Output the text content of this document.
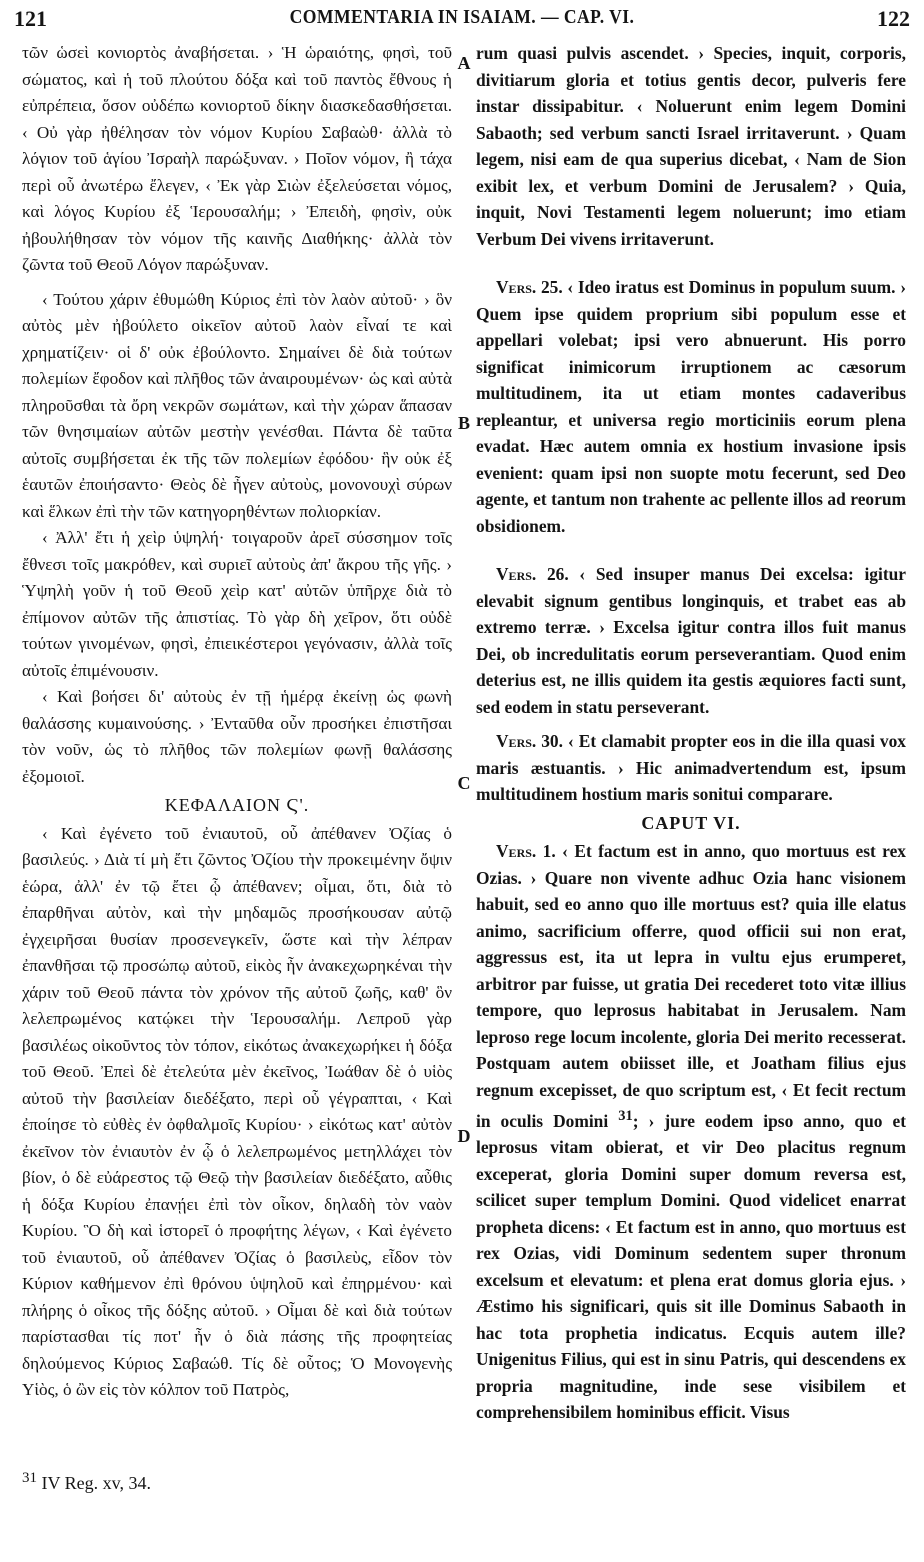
121	COMMENTARIA IN ISAIAM. — CAP. VI.	122

τῶν ὡσεὶ κονιορτὸς ἀναβήσεται. › Ἡ ὡραιότης, φησὶ, τοῦ σώματος, καὶ ἡ τοῦ πλούτου δόξα καὶ τοῦ παντὸς ἔθνους ἡ εὐπρέπεια, ὅσον οὐδέπω κονιορτοῦ δίκην διασκεδασθήσεται. ‹ Οὐ γὰρ ἠθέλησαν τὸν νόμον Κυρίου Σαβαὼθ· ἀλλὰ τὸ λόγιον τοῦ ἁγίου Ἰσραὴλ παρώξυναν. › Ποῖον νόμον, ἢ τάχα περὶ οὗ ἀνωτέρω ἔλεγεν, ‹ Ἐκ γὰρ Σιὼν ἐξελεύσεται νόμος, καὶ λόγος Κυρίου ἐξ Ἱερουσαλήμ; › Ἐπειδὴ, φησὶν, οὐκ ἠβουλήθησαν τὸν νόμον τῆς καινῆς Διαθήκης· ἀλλὰ τὸν ζῶντα τοῦ Θεοῦ Λόγον παρώξυναν.

‹ Τούτου χάριν ἐθυμώθη Κύριος ἐπὶ τὸν λαὸν αὐτοῦ· › ὃν αὐτὸς μὲν ἠβούλετο οἰκεῖον αὐτοῦ λαὸν εἶναί τε καὶ χρηματίζειν· οἱ δ' οὐκ ἐβούλοντο. Σημαίνει δὲ διὰ τούτων πολεμίων ἔφοδον καὶ πλῆθος τῶν ἀναιρουμένων· ὡς καὶ αὐτὰ πληροῦσθαι τὰ ὄρη νεκρῶν σωμάτων, καὶ τὴν χώραν ἅπασαν τῶν θνησιμαίων αὐτῶν μεστὴν γενέσθαι. Πάντα δὲ ταῦτα αὐτοῖς συμβήσεται ἐκ τῆς τῶν πολεμίων ἐφόδου· ἣν οὐκ ἐξ ἑαυτῶν ἐποιήσαντο· Θεὸς δὲ ἦγεν αὐτοὺς, μονονουχὶ σύρων καὶ ἕλκων ἐπὶ τὴν τῶν κατηγορηθέντων πολιορκίαν.

‹ Ἀλλ' ἔτι ἡ χεὶρ ὑψηλή· τοιγαροῦν ἀρεῖ σύσσημον τοῖς ἔθνεσι τοῖς μακρόθεν, καὶ συριεῖ αὐτοὺς ἀπ' ἄκρου τῆς γῆς. › Ὑψηλὴ γοῦν ἡ τοῦ Θεοῦ χεὶρ κατ' αὐτῶν ὑπῆρχε διὰ τὸ ἐπίμονον αὐτῶν τῆς ἀπιστίας. Τὸ γὰρ δὴ χεῖρον, ὅτι οὐδὲ τούτων γινομένων, φησὶ, ἐπιεικέστεροι γεγόνασιν, ἀλλὰ τοῖς αὐτοῖς ἐπιμένουσιν.

‹ Καὶ βοήσει δι' αὐτοὺς ἐν τῇ ἡμέρᾳ ἐκείνῃ ὡς φωνὴ θαλάσσης κυμαινούσης. › Ἐνταῦθα οὖν προσήκει ἐπιστῆσαι τὸν νοῦν, ὡς τὸ πλῆθος τῶν πολεμίων φωνῇ θαλάσσης ἐξομοιοῖ.

ΚΕΦΑΛΑΙΟΝ Ϛ'.

‹ Καὶ ἐγένετο τοῦ ἐνιαυτοῦ, οὗ ἀπέθανεν Ὀζίας ὁ βασιλεύς. › Διὰ τί μὴ ἔτι ζῶντος Ὀζίου τὴν προκειμένην ὄψιν ἑώρα, ἀλλ' ἐν τῷ ἔτει ᾧ ἀπέθανεν; οἶμαι, ὅτι, διὰ τὸ ἐπαρθῆναι αὐτὸν, καὶ τὴν μηδαμῶς προσήκουσαν αὐτῷ ἐγχειρῆσαι θυσίαν προσενεγκεῖν, ὥστε καὶ τὴν λέπραν ἐπανθῆσαι τῷ προσώπῳ αὐτοῦ, εἰκὸς ἦν ἀνακεχωρηκέναι τὴν χάριν τοῦ Θεοῦ πάντα τὸν χρόνον τῆς αὐτοῦ ζωῆς, καθ' ὃν λελεπρωμένος κατῴκει τὴν Ἱερουσαλήμ. Λεπροῦ γὰρ βασιλέως οἰκοῦντος τὸν τόπον, εἰκότως ἀνακεχωρήκει ἡ δόξα τοῦ Θεοῦ. Ἐπεὶ δὲ ἐτελεύτα μὲν ἐκεῖνος, Ἰωάθαν δὲ ὁ υἱὸς αὐτοῦ τὴν βασιλείαν διεδέξατο, περὶ οὗ γέγραπται, ‹ Καὶ ἐποίησε τὸ εὐθὲς ἐν ὀφθαλμοῖς Κυρίου· › εἰκότως κατ' αὐτὸν ἐκεῖνον τὸν ἐνιαυτὸν ἐν ᾧ ὁ λελεπρωμένος μετηλλάχει τὸν βίον, ὁ δὲ εὐάρεστος τῷ Θεῷ τὴν βασιλείαν διεδέξατο, αὖθις ἡ δόξα Κυρίου ἐπανῄει ἐπὶ τὸν οἶκον, δηλαδὴ τὸν ναὸν Κυρίου. Ὃ δὴ καὶ ἱστορεῖ ὁ προφήτης λέγων, ‹ Καὶ ἐγένετο τοῦ ἐνιαυτοῦ, οὗ ἀπέθανεν Ὀζίας ὁ βασιλεὺς, εἶδον τὸν Κύριον καθήμενον ἐπὶ θρόνου ὑψηλοῦ καὶ ἐπηρμένου· καὶ πλήρης ὁ οἶκος τῆς δόξης αὐτοῦ. › Οἶμαι δὲ καὶ διὰ τούτων παρίστασθαι τίς ποτ' ἦν ὁ διὰ πάσης τῆς προφητείας δηλούμενος Κύριος Σαβαώθ. Τίς δὲ οὗτος; Ὁ Μονογενὴς Υἱὸς, ὁ ὢν εἰς τὸν κόλπον τοῦ Πατρὸς,

A
B
C
D

rum quasi pulvis ascendet. › Species, inquit, corporis, divitiarum gloria et totius gentis decor, pulveris fere instar dissipabitur. ‹ Noluerunt enim legem Domini Sabaoth; sed verbum sancti Israel irritaverunt. › Quam legem, nisi eam de qua superius dicebat, ‹ Nam de Sion exibit lex, et verbum Domini de Jerusalem? › Quia, inquit, Novi Testamenti legem noluerunt; imo etiam Verbum Dei vivens irritaverunt.

Vers. 25. ‹ Ideo iratus est Dominus in populum suum. › Quem ipse quidem proprium sibi populum esse et appellari volebat; ipsi vero abnuerunt. His porro significat inimicorum irruptionem ac cæsorum multitudinem, ita ut etiam montes cadaveribus repleantur, et universa regio morticiniis eorum plena evadat. Hæc autem omnia ex hostium invasione ipsis evenient: quam ipsi non suopte motu fecerunt, sed Deo agente, et tantum non trahente ac pellente illos ad reorum obsidionem.

Vers. 26. ‹ Sed insuper manus Dei excelsa: igitur elevabit signum gentibus longinquis, et trabet eas ab extremo terræ. › Excelsa igitur contra illos fuit manus Dei, ob incredulitatis eorum perseverantiam. Quod enim deterius est, ne illis quidem ita gestis æquiores facti sunt, sed eodem in statu perseverant.

Vers. 30. ‹ Et clamabit propter eos in die illa quasi vox maris æstuantis. › Hic animadvertendum est, ipsum multitudinem hostium maris sonitui comparare.

CAPUT VI.

Vers. 1. ‹ Et factum est in anno, quo mortuus est rex Ozias. › Quare non vivente adhuc Ozia hanc visionem habuit, sed eo anno quo ille mortuus est? quia ille elatus animo, sacrificium offerre, quod officii sui non erat, aggressus est, ita ut lepra in vultu ejus erumperet, arbitror par fuisse, ut gratia Dei recederet toto vitæ illius tempore, quo leprosus habitabat in Jerusalem. Nam leproso rege locum incolente, gloria Dei merito recesserat. Postquam autem obiisset ille, et Joatham filius ejus regnum excepisset, de quo scriptum est, ‹ Et fecit rectum in oculis Domini $^{31}$; › jure eodem ipso anno, quo et leprosus vitam obierat, et vir Deo placitus regnum exceperat, gloria Domini super domum reversa est, scilicet super templum Domini. Quod videlicet enarrat propheta dicens: ‹ Et factum est in anno, quo mortuus est rex Ozias, vidi Dominum sedentem super thronum excelsum et elevatum: et plena erat domus gloria ejus. › Æstimo his significari, quis sit ille Dominus Sabaoth in hac tota prophetia indicatus. Ecquis autem ille? Unigenitus Filius, qui est in sinu Patris, qui descendens ex propria magnitudine, inde sese visibilem et comprehensibilem hominibus efficit. Visus

$^{31}$ IV Reg. xv, 34.
